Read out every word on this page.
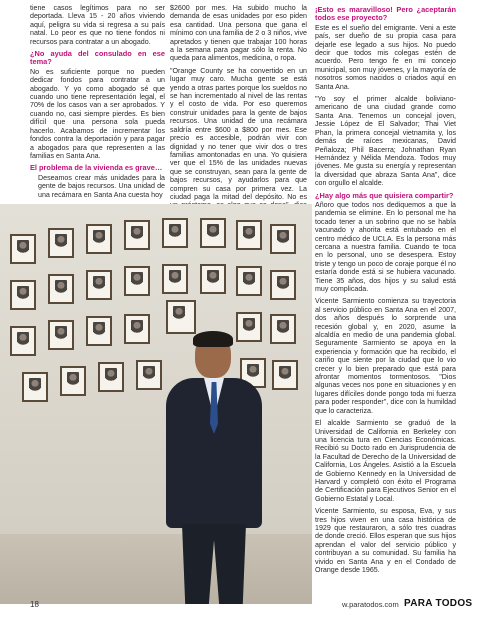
tiene casos legítimos para no ser deportada. Lleva 15 - 20 años viviendo aquí, peligra su vida si regresa a su país natal. Lo peor es que no tiene fondos ni recursos para contratar a un abogado.

¿No ayuda del consulado en ese tema?

No es suficiente porque no pueden dedicar fondos para contratar a un abogado. Y yo como abogado sé que cuando uno tiene representación legal, el 70% de los casos van a ser aprobados. Y cuando no, casi siempre pierdes. Es bien difícil que una persona sola pueda hacerlo. Acabamos de incrementar los fondos contra la deportación y para pagar a abogados para que representen a las familias en Santa Ana.

El problema de la vivienda es grave…

Deseamos crear más unidades para la gente de bajos recursos. Una unidad de una recámara en Santa Ana cuesta hoy

$2600 por mes. Ha subido mucho la demanda de esas unidades por eso piden esa cantidad. Una persona que gana el mínimo con una familia de 2 o 3 niños, vive apretados y tienen que trabajar 100 horas a la semana para pagar sólo la renta. No queda para alimentos, medicina, o ropa.

"Orange County se ha convertido en un lugar muy caro. Mucha gente se está yendo a otras partes porque los sueldos no se han incrementado al nivel de las rentas y el costo de vida. Por eso queremos construir unidades para la gente de bajos recursos. Una unidad de una recámara saldría entre $600 a $800 por mes. Ese precio es accesible, podrán vivir con dignidad y no tener que vivir dos o tres familias amontonadas en una. Yo quisiera ver que el 15% de las unidades nuevas que se construyan, sean para la gente de bajos recursos, y ayudarlos para que compren su casa por primera vez. La ciudad paga la mitad del depósito. No es

¡Esto es maravilloso! Pero ¿aceptarán todos ese proyecto?

Este es el sueño del emigrante. Veni a este país, ser dueño de su propia casa para dejarle ese legado a sus hijos. No puedo decir que todos mis colegas estén de acuerdo. Pero tengo fe en mi concejo municipal, son muy jóvenes, y la mayoría de nosotros somos nacidos o criados aquí en Santa Ana.

"Yo soy el primer alcalde boliviano-americano de una ciudad grande como Santa Ana. Tenemos un concejal joven, Jessie López de El Salvador; Thai Viet Phan, la primera concejal vietnamita y, los demás de raíces mexicanas, David Peñaloza; Phil Bacerra; Johnathan Ryan Hernández y Nélida Mendoza. Todos muy jóvenes. Me gusta su energía y representan la diversidad que abraza Santa Ana", dice con orgullo el alcalde.

¿Hay algo más que quisiera compartir?

Añoro que todos nos dediquemos a que la pandemia se elimine. En lo personal me ha tocado tener a un sobrino que no se había vacunado y ahorita está entubado en el centro médico de UCLA. Es la persona más cercana a nuestra familia. Cuando te toca en lo personal, uno se desespera. Estoy triste y tengo un poco de coraje porque él no estaría donde está si se hubiera vacunado. Tiene 35 años, dos hijos y su salud está muy complicada.

Vicente Sarmiento comienza su trayectoria al servicio público en Santa Ana en el 2007, dos años después lo sorprende una recesión global y, en 2020, asume la alcaldía en medio de una pandemia global. Seguramente Sarmiento se apoya en la experiencia y formación que ha recibido, el cariño que siente por la ciudad que lo vio crecer y lo bien preparado que está para afrontar momentos tormentosos. "Dios algunas veces nos pone en situaciones y en lugares difíciles donde pongo toda mi fuerza para poder responder", dice con la humildad que lo caracteriza.

El alcalde Sarmiento se graduó de la Universidad de California en Berkeley con una licencia tura en Ciencias Económicas. Recibió su Docto rado en Jurisprudencia de la Facultad de Derecho de la Universidad de California, Los Ángeles. Asistió a la Escuela de Gobierno Kennedy en la Universidad de Harvard y completó con éxito el Programa de Certificación para Ejecutivos Senior en el Gobierno Estatal y Local.

Vicente Sarmiento, su esposa, Eva, y sus tres hijos viven en una casa histórica de 1929 que restauraron, a sólo tres cuadras de donde creció. Ellos esperan que sus hijos aprendan el valor del servicio público y contribuyan a su comunidad. Su familia ha vivido en Santa Ana y en el Condado de Orange desde 1965.

18	w.paratodos.com PARA TODOS
